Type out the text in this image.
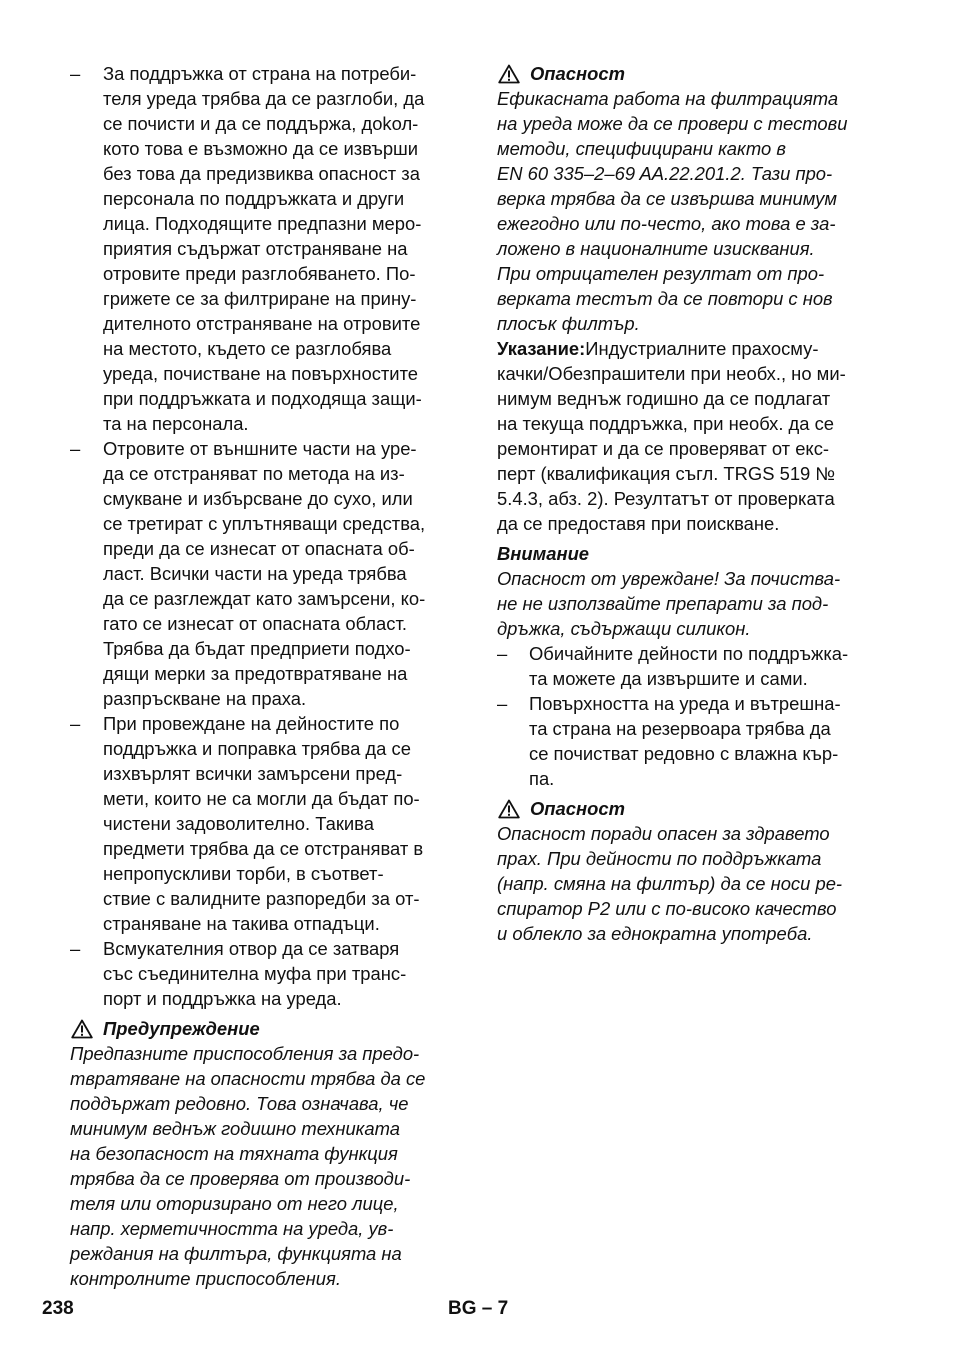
– За поддръжка от страна на потреби-
теля уреда трябва да се разглоби, да
се почисти и да се поддържа, доkол-
кото това е възможно да се извърши
без това да предизвиква опасност за
персонала по поддръжката и други
лица. Подходящите предпазни меро-
приятия съдържат отстраняване на
отровите преди разглобяването. По-
грижете се за филтриране на прину-
дителното отстраняване на отровите
на местото, където се разглобява
уреда, почистване на повърхностите
при поддръжката и подходяща защи-
та на персонала.
– Отровите от външните части на уре-
да се отстраняват по метода на из-
смукване и избърсване до сухо, или
се третират с уплътняващи средства,
преди да се изнесат от опасната об-
ласт. Всички части на уреда трябва
да се разглеждат като замърсени, ко-
гато се изнесат от опасната област.
Трябва да бъдат предприети подхо-
дящи мерки за предотвратяване на
разпръскване на праха.
– При провеждане на дейностите по
поддръжка и поправка трябва да се
изхвърлят всички замърсени пред-
мети, които не са могли да бъдат по-
чистени задоволително. Такива
предмети трябва да се отстраняват в
непропускливи торби, в съответ-
ствие с валидните разпоредби за от-
страняване на такива отпадъци.
– Всмукателния отвор да се затваря
със съединителна муфа при транс-
порт и поддръжка на уреда.
Предупреждение
Предпазните приспособления за предо-
твратяване на опасности трябва да се
поддържат редовно. Това означава, че
минимум веднъж годишно техниката
на безопасност на тяхната функция
трябва да се проверява от производи-
теля или оторизирано от него лице,
напр. херметичността на уреда, ув-
реждания на филтъра, функцията на
контролните приспособления.
Опасност
Ефикасната работа на филтрацията
на уреда може да се провери с тестови
методи, специфицирани както в
EN 60 335–2–69 AA.22.201.2. Тази про-
верка трябва да се извършва минимум
ежегодно или по-често, ако това е за-
ложено в националните изисквания.
При отрицателен резултат от про-
верката тестът да се повтори с нов
плосък филтър.
Указание:Индустриалните прахосму-
качки/Обезпрашители при необх., но ми-
нимум веднъж годишно да се подлагат
на текуща поддръжка, при необх. да се
ремонтират и да се проверяват от екс-
перт (квалификация съгл. TRGS 519 №
5.4.3, абз. 2). Резултатът от проверката
да се предоставя при поискване.
Внимание
Опасност от увреждане! За почиства-
не не използвайте препарати за под-
дръжка, съдържащи силикон.
– Обичайните дейности по поддръжка-
та можете да извършите и сами.
– Повърхността на уреда и вътрешна-
та страна на резервоара трябва да
се почистват редовно с влажна кър-
па.
Опасност
Опасност поради опасен за здравето
прах. При дейности по поддръжката
(напр. смяна на филтър) да се носи ре-
спиратор P2 или с по-високо качество
и облекло за еднократна употреба.
238	BG – 7
